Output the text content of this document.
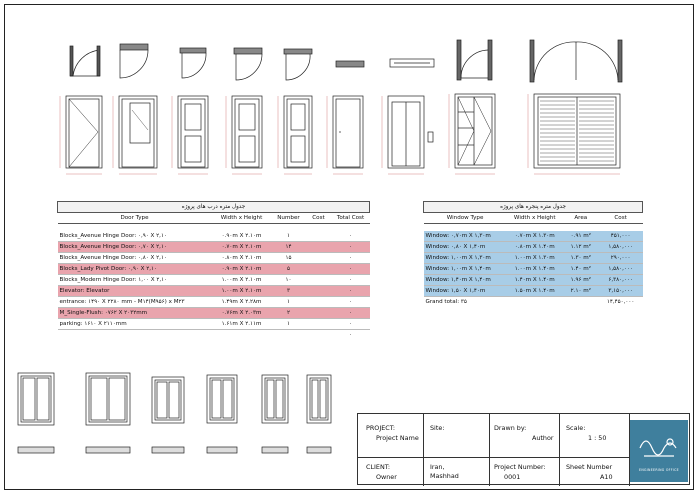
جدول متره درب های پروژه				
Door Type	Width x Height	Number	Cost	Total Cost

Blocks_Avenue Hinge Door: ۰,۹۰ X ۲,۱۰	۰.۹۰m X ۲.۱۰m	۱		۰
Blocks_Avenue Hinge Door: ۰,۷۰ X ۲,۱۰	۰.۷۰m X ۲.۱۰m	۱۴		۰
Blocks_Avenue Hinge Door: ۰,۸۰ X ۲,۱۰	۰.۸۰m X ۲.۱۰m	۱۵		۰
Blocks_Lady Pivot Door: ۰,۹۰ X ۲,۱۰	۰.۹۰m X ۲.۱۰m	۵		۰
Blocks_Modern Hinge Door: ۱,۰۰ X ۲,۱۰	۱.۰۰m X ۲.۱۰m	۱۰		۰
Elevator: Elevator	۱.۰۰m X ۲.۱۰m	۳		۰
entrance: ۱۴۹۰ X ۲۲۸۰ mm - M۱۴(M۹۵۶) x M۲۳	۱.۴۹m X ۲.۲۸m	۱		۰
M_Single-Flush: ۰۷۶۲ X ۲۰۳۲mm	۰.۷۶m X ۲.۰۳m	۲		۰
parking: ۱۶۱۰ X ۲۱۱۰mm	۱.۶۱m X ۲.۱۱m	۱		۰
				۰
جدول متره پنجره های پروژه			
Window Type	Width x Height	Area	Cost

Window: ۰,۷۰m X ۱,۳۰m	۰.۷۰m X ۱.۳۰m	۰.۹۱ m²	۴۵۱,۰۰۰
Window: ۰,۸۰ X ۱,۴۰m	۰.۸۰m X ۱.۴۰m	۱.۱۲ m²	۱,۵۸۰,۰۰۰
Window: ۱,۰۰m X ۱,۳۰m	۱.۰۰m X ۱.۳۰m	۱.۳۰ m²	۲۹۰,۰۰۰
Window: ۱,۰۰m X ۱,۴۰m	۱.۰۰m X ۱.۴۰m	۱.۴۰ m²	۱,۵۸۰,۰۰۰
Window: ۱,۴۰m X ۱,۴۰m	۱.۴۰m X ۱.۴۰m	۱.۹۶ m²	۶,۳۸۰,۰۰۰
Window: ۱,۵۰ X ۱,۴۰m	۱.۵۰m X ۱.۴۰m	۲.۱۰ m²	۳,۱۵۰,۰۰۰
Grand total: ۳۵			۱۴,۴۵۰,۰۰۰
PROJECT:
Project Name
Site:	Drawn by:
Author
Scale:
1 : 50
CLIENT:
Owner
Iran,
Mashhad
Project Number:
0001
Sheet Number
A10
ENGINEERING OFFICE
